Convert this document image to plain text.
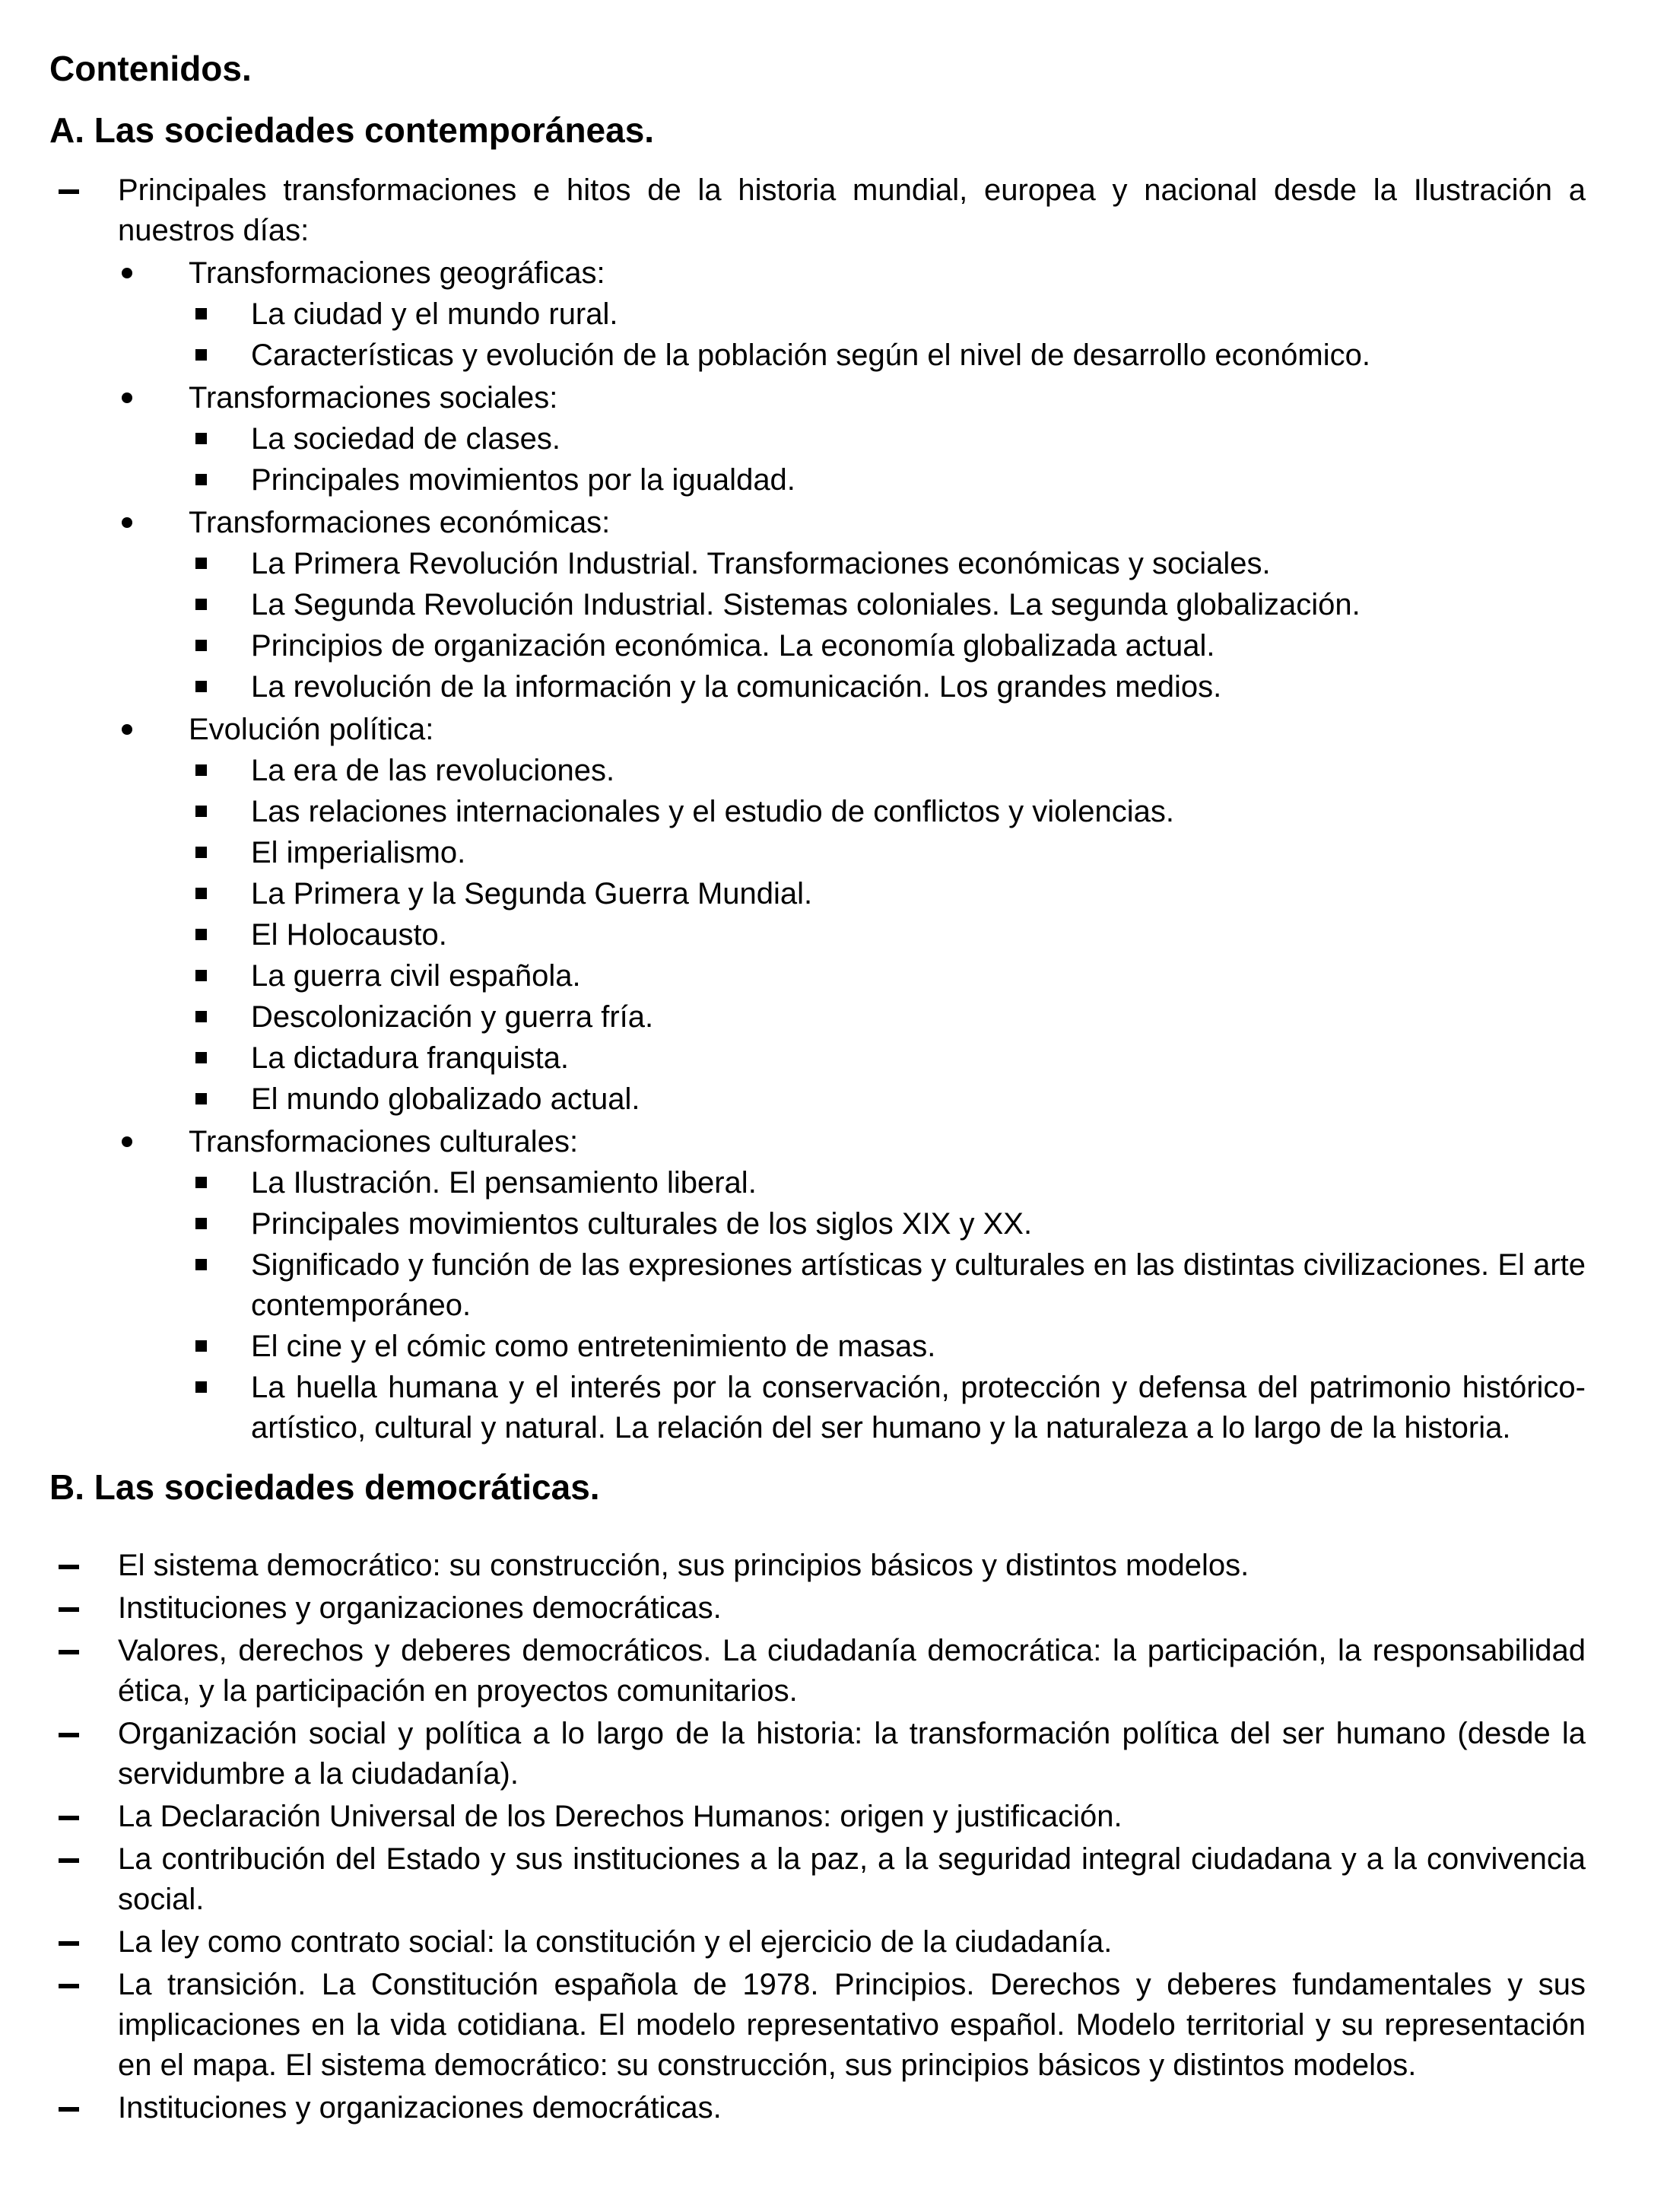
Contenidos.
A. Las sociedades contemporáneas.
Principales transformaciones e hitos de la historia mundial, europea y nacional desde la Ilustración a nuestros días:
Transformaciones geográficas:
La ciudad y el mundo rural.
Características y evolución de la población según el nivel de desarrollo económico.
Transformaciones sociales:
La sociedad de clases.
Principales movimientos por la igualdad.
Transformaciones económicas:
La Primera Revolución Industrial. Transformaciones económicas y sociales.
La Segunda Revolución Industrial. Sistemas coloniales. La segunda globalización.
Principios de organización económica. La economía globalizada actual.
La revolución de la información y la comunicación. Los grandes medios.
Evolución política:
La era de las revoluciones.
Las relaciones internacionales y el estudio de conflictos y violencias.
El imperialismo.
La Primera y la Segunda Guerra Mundial.
El Holocausto.
La guerra civil española.
Descolonización y guerra fría.
La dictadura franquista.
El mundo globalizado actual.
Transformaciones culturales:
La Ilustración. El pensamiento liberal.
Principales movimientos culturales de los siglos XIX y XX.
Significado y función de las expresiones artísticas y culturales en las distintas civilizaciones. El arte contemporáneo.
El cine y el cómic como entretenimiento de masas.
La huella humana y el interés por la conservación, protección y defensa del patrimonio histórico-artístico, cultural y natural. La relación del ser humano y la naturaleza a lo largo de la historia.
B. Las sociedades democráticas.
El sistema democrático: su construcción, sus principios básicos y distintos modelos.
Instituciones y organizaciones democráticas.
Valores, derechos y deberes democráticos. La ciudadanía democrática: la participación, la responsabilidad ética, y la participación en proyectos comunitarios.
Organización social y política a lo largo de la historia: la transformación política del ser humano (desde la servidumbre a la ciudadanía).
La Declaración Universal de los Derechos Humanos: origen y justificación.
La contribución del Estado y sus instituciones a la paz, a la seguridad integral ciudadana y a la convivencia social.
La ley como contrato social: la constitución y el ejercicio de la ciudadanía.
La transición. La Constitución española de 1978. Principios. Derechos y deberes fundamentales y sus implicaciones en la vida cotidiana. El modelo representativo español. Modelo territorial y su representación en el mapa. El sistema democrático: su construcción, sus principios básicos y distintos modelos.
Instituciones y organizaciones democráticas.
